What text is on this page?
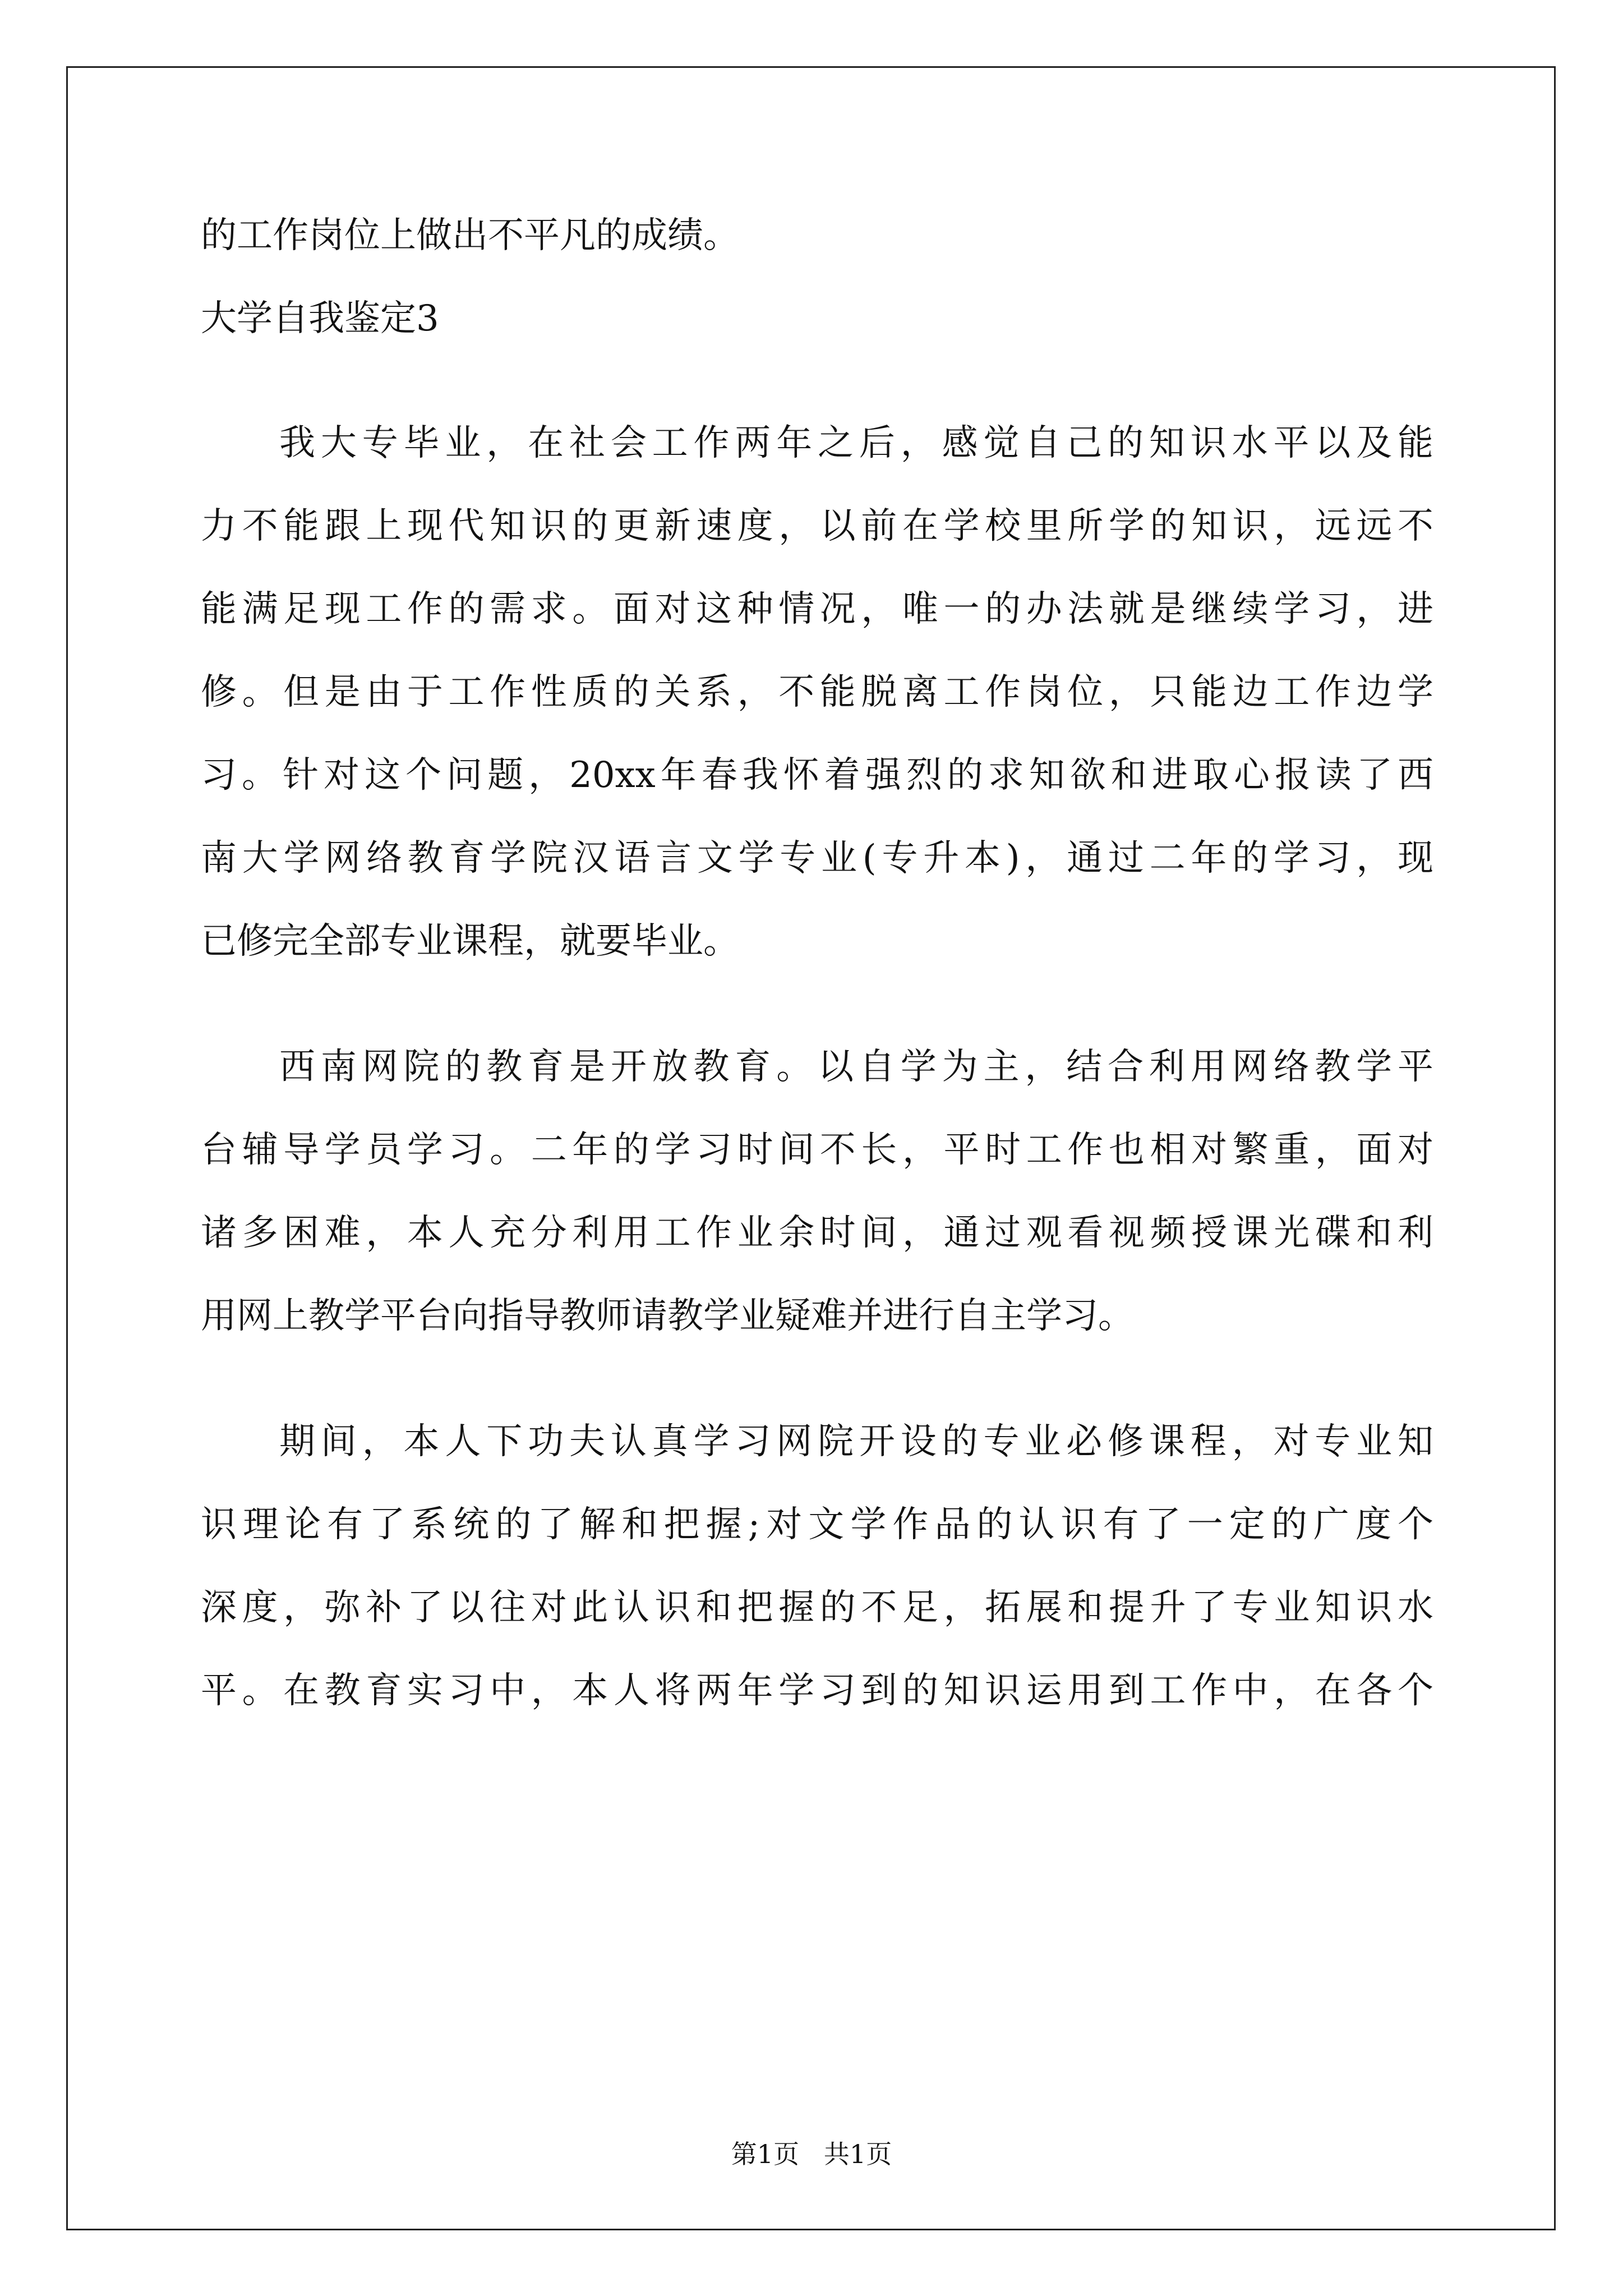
的工作岗位上做出不平凡的成绩。
大学自我鉴定3
我大专毕业，在社会工作两年之后，感觉自己的知识水平以及能
力不能跟上现代知识的更新速度，以前在学校里所学的知识，远远不
能满足现工作的需求。面对这种情况，唯一的办法就是继续学习，进
修。但是由于工作性质的关系，不能脱离工作岗位，只能边工作边学
习。针对这个问题，20xx年春我怀着强烈的求知欲和进取心报读了西
南大学网络教育学院汉语言文学专业(专升本)，通过二年的学习，现
已修完全部专业课程，就要毕业。
西南网院的教育是开放教育。以自学为主，结合利用网络教学平
台辅导学员学习。二年的学习时间不长，平时工作也相对繁重，面对
诸多困难，本人充分利用工作业余时间，通过观看视频授课光碟和利
用网上教学平台向指导教师请教学业疑难并进行自主学习。
期间，本人下功夫认真学习网院开设的专业必修课程，对专业知
识理论有了系统的了解和把握;对文学作品的认识有了一定的广度个
深度，弥补了以往对此认识和把握的不足，拓展和提升了专业知识水
平。在教育实习中，本人将两年学习到的知识运用到工作中，在各个
第1页   共1页
